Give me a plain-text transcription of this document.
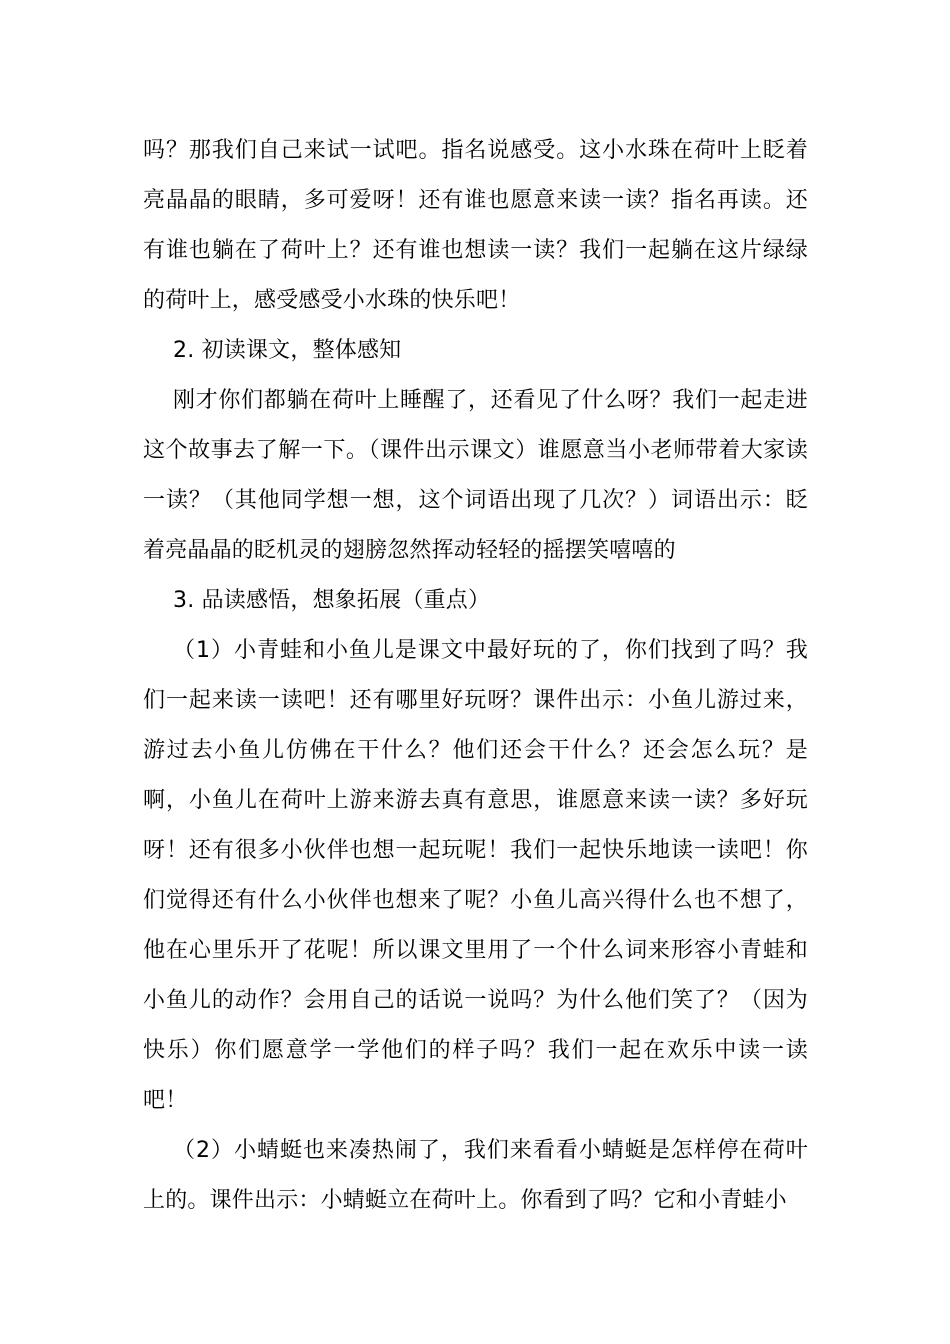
吗？那我们自己来试一试吧。指名说感受。这小水珠在荷叶上眨着亮晶晶的眼睛，多可爱呀！还有谁也愿意来读一读？指名再读。还有谁也躺在了荷叶上？还有谁也想读一读？我们一起躺在这片绿绿的荷叶上，感受感受小水珠的快乐吧！

2. 初读课文，整体感知

刚才你们都躺在荷叶上睡醒了，还看见了什么呀？我们一起走进这个故事去了解一下。（课件出示课文）谁愿意当小老师带着大家读一读？（其他同学想一想，这个词语出现了几次？）词语出示：眨着亮晶晶的眨机灵的翅膀忽然挥动轻轻的摇摆笑嘻嘻的

3. 品读感悟，想象拓展（重点）

（1）小青蛙和小鱼儿是课文中最好玩的了，你们找到了吗？我们一起来读一读吧！还有哪里好玩呀？课件出示：小鱼儿游过来，游过去小鱼儿仿佛在干什么？他们还会干什么？还会怎么玩？是啊，小鱼儿在荷叶上游来游去真有意思，谁愿意来读一读？多好玩呀！还有很多小伙伴也想一起玩呢！我们一起快乐地读一读吧！你们觉得还有什么小伙伴也想来了呢？小鱼儿高兴得什么也不想了，他在心里乐开了花呢！所以课文里用了一个什么词来形容小青蛙和小鱼儿的动作？会用自己的话说一说吗？为什么他们笑了？（因为快乐）你们愿意学一学他们的样子吗？我们一起在欢乐中读一读吧！

（2）小蜻蜓也来凑热闹了，我们来看看小蜻蜓是怎样停在荷叶上的。课件出示：小蜻蜓立在荷叶上。你看到了吗？它和小青蛙小
